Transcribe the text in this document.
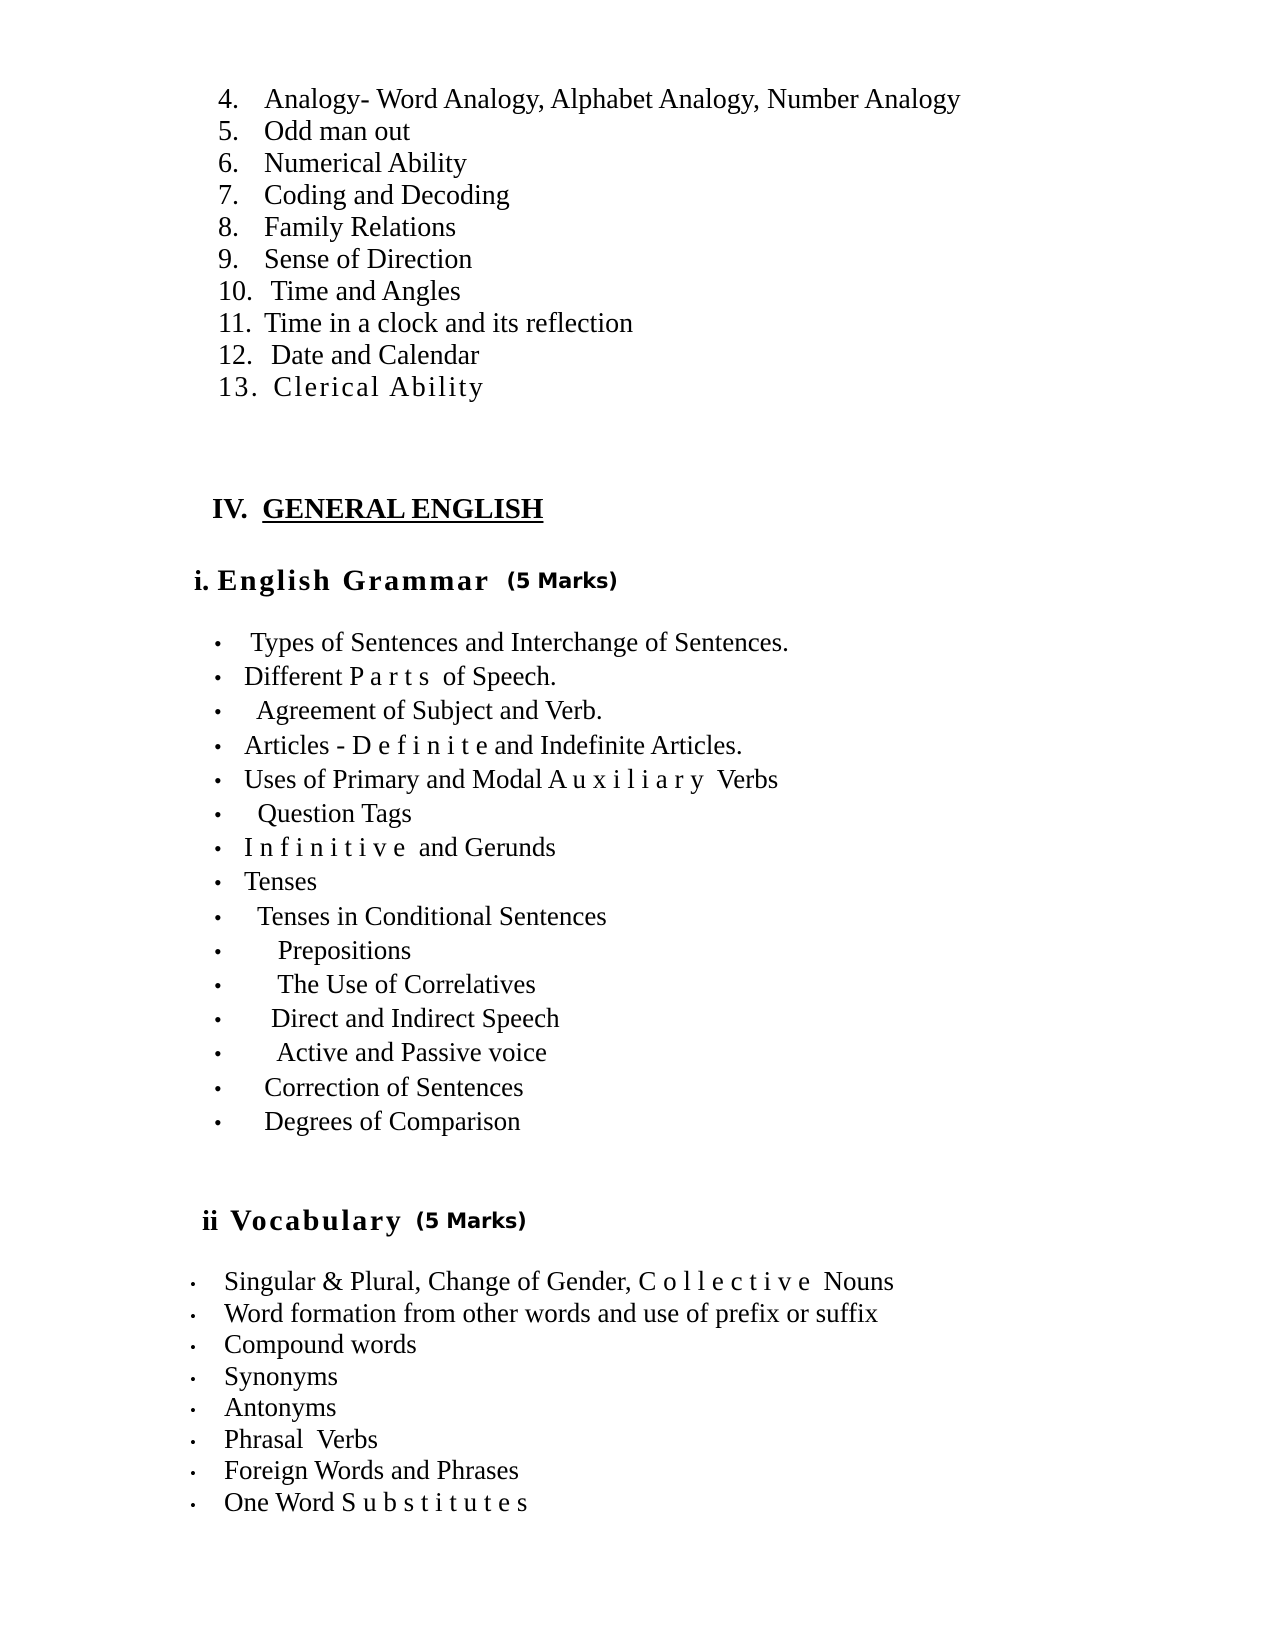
4. Analogy- Word Analogy, Alphabet Analogy, Number Analogy
5. Odd man out
6. Numerical Ability
7. Coding and Decoding
8. Family Relations
9. Sense of Direction
10. Time and Angles
11. Time in a clock and its reflection
12. Date and Calendar
13. Clerical Ability

IV. GENERAL ENGLISH

i. English Grammar (5 Marks)

• Types of Sentences and Interchange of Sentences.
• Different P a r t s  of Speech.
• Agreement of Subject and Verb.
• Articles - D e f i n i t e and Indefinite Articles.
• Uses of Primary and Modal A u x i l i a r y  Verbs
• Question Tags
• I n f i n i t i v e  and Gerunds
• Tenses
• Tenses in Conditional Sentences
• Prepositions
• The Use of Correlatives
• Direct and Indirect Speech
• Active and Passive voice
• Correction of Sentences
• Degrees of Comparison

ii Vocabulary (5 Marks)

•	Singular & Plural, Change of Gender, C o l l e c t i v e  Nouns
•	Word formation from other words and use of prefix or suffix
•	Compound words
•	Synonyms
•	Antonyms
•	Phrasal  Verbs
•	Foreign Words and Phrases
•	One Word S u b s t i t u t e s
